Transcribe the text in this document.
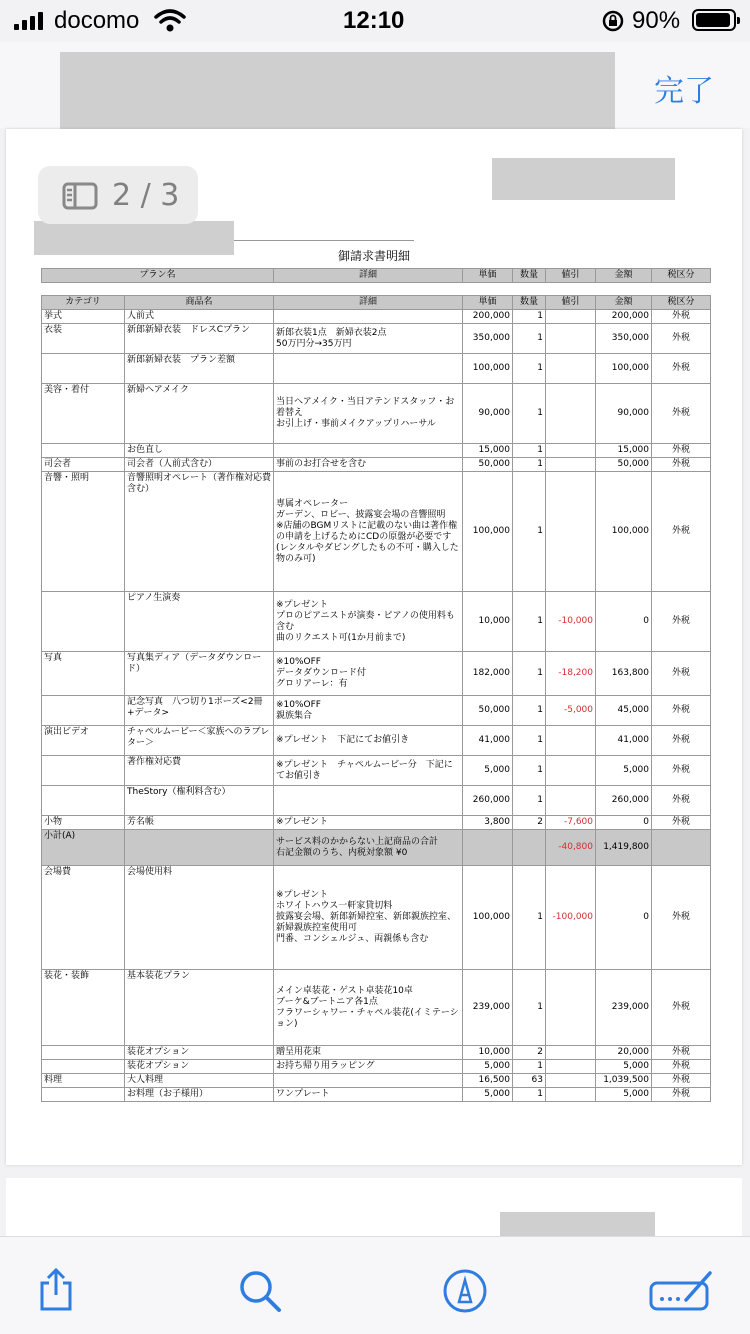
docomo	12:10	90%
完了
2 / 3
御請求書明細
プラン名	詳細	単価	数量	値引	金額	税区分
カテゴリ	商品名	詳細	単価	数量	値引	金額	税区分
挙式	人前式		200,000	1		200,000	外税
衣装	新郎新婦衣装　ドレスCプラン	新郎衣装1点　新婦衣装2点
50万円分→35万円	350,000	1		350,000	外税
	新郎新婦衣装　プラン差額		100,000	1		100,000	外税
美容・着付	新婦ヘアメイク	当日ヘアメイク・当日アテンドスタッフ・お着替え
お引上げ・事前メイクアップリハーサル	90,000	1		90,000	外税
	お色直し		15,000	1		15,000	外税
司会者	司会者（人前式含む）	事前のお打合せを含む	50,000	1		50,000	外税
音響・照明	音響照明オペレート（著作権対応費含む）	専属オペレーター
ガーデン、ロビー、披露宴会場の音響照明
※店舗のBGMリストに記載のない曲は著作権の申請を上げるためにCDの原盤が必要です(レンタルやダビングしたもの不可・購入した物のみ可)	100,000	1		100,000	外税
	ピアノ生演奏	※プレゼント
プロのピアニストが演奏・ピアノの使用料も含む
曲のリクエスト可(1か月前まで)	10,000	1	-10,000	0	外税
写真	写真集ディア（データダウンロード）	※10%OFF
データダウンロード付
グロリアーレ：有	182,000	1	-18,200	163,800	外税
	記念写真　八つ切り1ポーズ<2冊+データ>	※10%OFF
親族集合	50,000	1	-5,000	45,000	外税
演出ビデオ	チャペルムービー＜家族へのラブレター＞	※プレゼント　下記にてお値引き	41,000	1		41,000	外税
	著作権対応費	※プレゼント　チャペルムービー分　下記にてお値引き	5,000	1		5,000	外税
	TheStory（権利料含む）		260,000	1		260,000	外税
小物	芳名帳	※プレゼント	3,800	2	-7,600	0	外税
小計(A)		サービス料のかからない上記商品の合計
右記金額のうち、内税対象額 ¥0			-40,800	1,419,800	
会場費	会場使用料	※プレゼント
ホワイトハウス一軒家貸切料
披露宴会場、新郎新婦控室、新郎親族控室、新婦親族控室使用可
門番、コンシェルジュ、両親係も含む	100,000	1	-100,000	0	外税
装花・装飾	基本装花プラン	メイン卓装花・ゲスト卓装花10卓
ブーケ&ブートニア各1点
フラワーシャワー・チャペル装花(イミテーション)	239,000	1		239,000	外税
	装花オプション	贈呈用花束	10,000	2		20,000	外税
	装花オプション	お持ち帰り用ラッピング	5,000	1		5,000	外税
料理	大人料理		16,500	63		1,039,500	外税
	お料理（お子様用）	ワンプレート	5,000	1		5,000	外税
